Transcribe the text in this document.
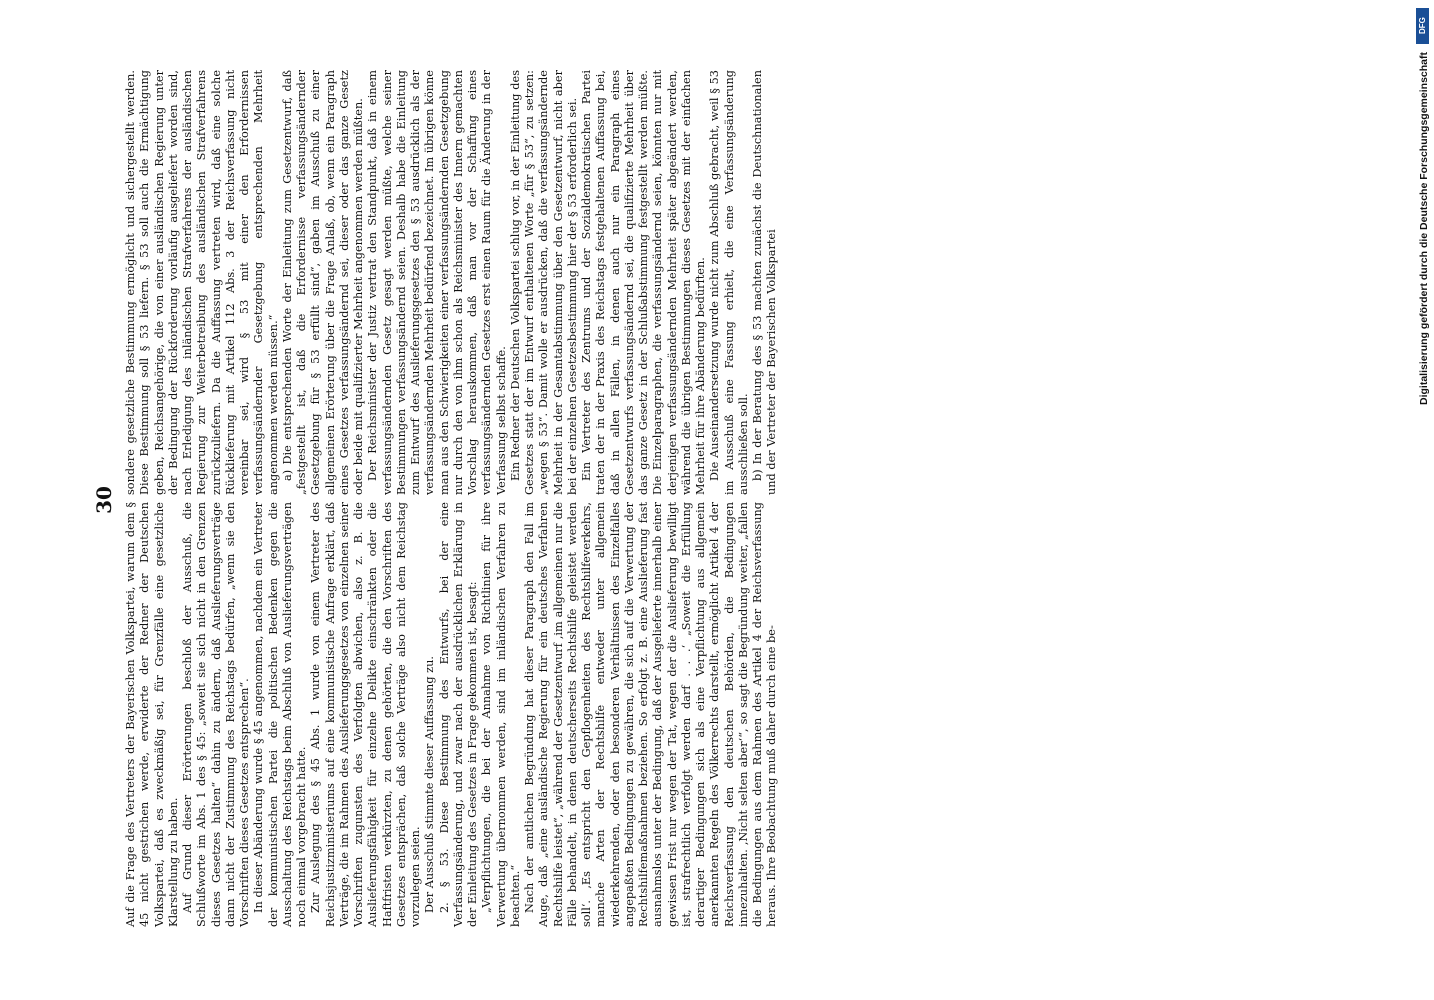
30

Auf die Frage des Vertreters der Bayerischen Volkspartei, warum dem § 45 nicht gestrichen werde, erwiderte der Redner der Deutschen Volkspartei, daß es zweckmäßig sei, für Grenzfälle eine gesetzliche Klarstellung zu haben. Auf Grund dieser Erörterungen beschloß der Ausschuß, die Schlußworte im Abs. 1 des § 45: „soweit sie sich nicht in den Grenzen dieses Gesetzes halten“ dahin zu ändern, daß Auslieferungsverträge dann nicht der Zustimmung des Reichstags bedürfen, „wenn sie den Vorschriften dieses Gesetzes entsprechen“. In dieser Abänderung wurde § 45 angenommen, nachdem ein Vertreter der kommunistischen Partei die politischen Bedenken gegen die Ausschaltung des Reichstags beim Abschluß von Auslieferungsverträgen noch einmal vorgebracht hatte. Zur Auslegung des § 45 Abs. 1 wurde von einem Vertreter des Reichsjustizministeriums auf eine kommunistische Anfrage erklärt, daß Verträge, die im Rahmen des Auslieferungsgesetzes von einzelnen seiner Vorschriften zugunsten des Verfolgten abwichen, also z. B. die Auslieferungsfähigkeit für einzelne Delikte einschränkten oder die Haftfristen verkürzten, zu denen gehörten, die den Vorschriften des Gesetzes entsprächen, daß solche Verträge also nicht dem Reichstag vorzulegen seien. Der Ausschuß stimmte dieser Auffassung zu. 2. § 53. Diese Bestimmung des Entwurfs, bei der eine Verfassungsänderung, und zwar nach der ausdrücklichen Erklärung in der Einleitung des Gesetzes in Frage gekommen ist, besagt: „Verpflichtungen, die bei der Annahme von Richtlinien für ihre Verwertung übernommen werden, sind im inländischen Verfahren zu beachten.“ Nach der amtlichen Begründung hat dieser Paragraph den Fall im Auge, daß „eine ausländische Regierung für ein deutsches Verfahren Rechtshilfe leistet“, „während der Gesetzentwurf ‚im allgemeinen nur die Fälle behandelt, in denen deutscherseits Rechtshilfe geleistet werden soll‘. ‚Es entspricht den Gepflogenheiten des Rechtshilfeverkehrs, manche Arten der Rechtshilfe entweder unter allgemein wiederkehrenden, oder den besonderen Verhältnissen des Einzelfalles angepaßten Bedingungen zu gewähren, die sich auf die Verwertung der Rechtshilfemaßnahmen beziehen. So erfolgt z. B. eine Auslieferung fast ausnahmslos unter der Bedingung, daß der Ausgelieferte innerhalb einer gewissen Frist nur wegen der Tat, wegen der die Auslieferung bewilligt ist, strafrechtlich verfolgt werden darf . . .‘ „Soweit die Erfüllung derartiger Bedingungen sich als eine Verpflichtung aus allgemein anerkannten Regeln des Völkerrechts darstellt, ermöglicht Artikel 4 der Reichsverfassung den deutschen Behörden, die Bedingungen innezuhalten. ‚Nicht selten aber‘“, so sagt die Begründung weiter, „fallen die Bedingungen aus dem Rahmen des Artikel 4 der Reichsverfassung heraus. Ihre Beobachtung muß daher durch eine be-

sondere gesetzliche Bestimmung ermöglicht und sichergestellt werden. Diese Bestimmung soll § 53 liefern. § 53 soll auch die Ermächtigung geben, Reichsangehörige, die von einer ausländischen Regierung unter der Bedingung der Rückforderung vorläufig ausgeliefert worden sind, nach Erledigung des inländischen Strafverfahrens der ausländischen Regierung zur Weiterbetreibung des ausländischen Strafverfahrens zurückzuliefern. Da die Auffassung vertreten wird, daß eine solche Rücklieferung mit Artikel 112 Abs. 3 der Reichsverfassung nicht vereinbar sei, wird § 53 mit einer den Erfordernissen verfassungsändernder Gesetzgebung entsprechenden Mehrheit angenommen werden müssen.“ a) Die entsprechenden Worte der Einleitung zum Gesetzentwurf, daß „festgestellt ist, daß die Erfordernisse verfassungsändernder Gesetzgebung für § 53 erfüllt sind“, gaben im Ausschuß zu einer allgemeinen Erörterung über die Frage Anlaß, ob, wenn ein Paragraph eines Gesetzes verfassungsändernd sei, dieser oder das ganze Gesetz oder beide mit qualifizierter Mehrheit angenommen werden müßten. Der Reichsminister der Justiz vertrat den Standpunkt, daß in einem verfassungsändernden Gesetz gesagt werden müßte, welche seiner Bestimmungen verfassungsändernd seien. Deshalb habe die Einleitung zum Entwurf des Auslieferungsgesetzes den § 53 ausdrücklich als der verfassungsändernden Mehrheit bedürfend bezeichnet. Im übrigen könne man aus den Schwierigkeiten einer verfassungsändernden Gesetzgebung nur durch den von ihm schon als Reichsminister des Innern gemachten Vorschlag herauskommen, daß man vor der Schaffung eines verfassungsändernden Gesetzes erst einen Raum für die Änderung in der Verfassung selbst schaffe. Ein Redner der Deutschen Volkspartei schlug vor, in der Einleitung des Gesetzes statt der im Entwurf enthaltenen Worte „für § 53“, zu setzen: „wegen § 53“. Damit wolle er ausdrücken, daß die verfassungsändernde Mehrheit in der Gesamtabstimmung über den Gesetzentwurf, nicht aber bei der einzelnen Gesetzesbestimmung hier der § 53 erforderlich sei. Ein Vertreter des Zentrums und der Sozialdemokratischen Partei traten der in der Praxis des Reichstags festgehaltenen Auffassung bei, daß in allen Fällen, in denen auch nur ein Paragraph eines Gesetzentwurfs verfassungsändernd sei, die qualifizierte Mehrheit über das ganze Gesetz in der Schlußabstimmung festgestellt werden müßte. Die Einzelparagraphen, die verfassungsändernd seien, könnten nur mit derjenigen verfassungsändernden Mehrheit später abgeändert werden, während die übrigen Bestimmungen dieses Gesetzes mit der einfachen Mehrheit für ihre Abänderung bedürften. Die Auseinandersetzung wurde nicht zum Abschluß gebracht, weil § 53 im Ausschuß eine Fassung erhielt, die eine Verfassungsänderung ausschließen soll. b) In der Beratung des § 53 machten zunächst die Deutschnationalen und der Vertreter der Bayerischen Volkspartei	Digitalisierung gefördert durch die Deutsche Forschungsgemeinschaft
DFG
